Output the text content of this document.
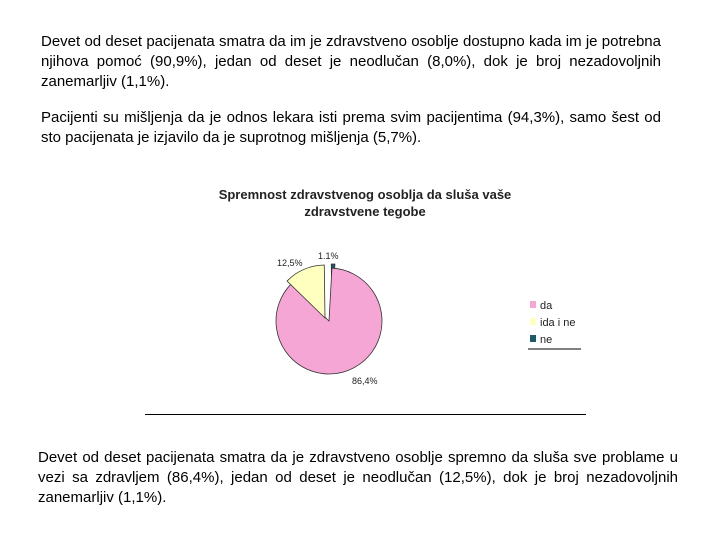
Devet od deset pacijenata smatra da im je zdravstveno osoblje dostupno kada im je potrebna njihova pomoć (90,9%), jedan od deset je neodlučan (8,0%), dok je broj nezadovoljnih zanemarljiv (1,1%).
Pacijenti su mišljenja da je odnos lekara isti prema svim pacijentima (94,3%), samo šest od sto pacijenata je izjavilo da je suprotnog mišljenja (5,7%).
Spremnost zdravstvenog osoblja da sluša vaše zdravstvene tegobe
86,4%
12,5%
1.1%
da
ida i ne
ne
Devet od deset pacijenata smatra da je zdravstveno osoblje spremno da sluša sve problame u vezi sa zdravljem (86,4%), jedan od deset je neodlučan (12,5%), dok je broj nezadovoljnih zanemarljiv (1,1%).
